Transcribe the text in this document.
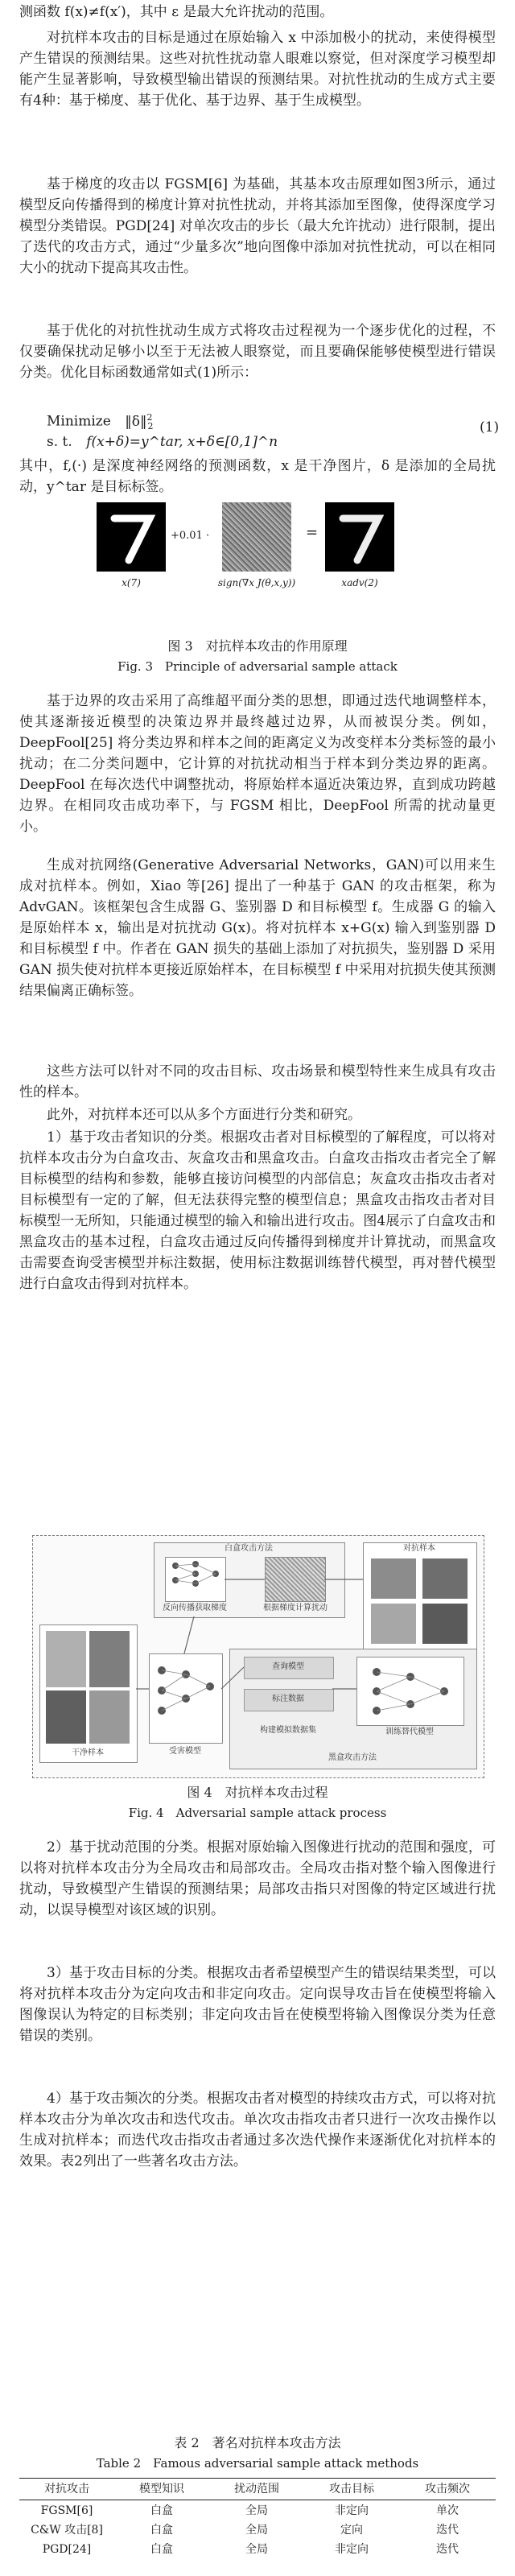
测函数 f(x)≠f(x′)，其中 ε 是最大允许扰动的范围。

对抗样本攻击的目标是通过在原始输入 x 中添加极小的扰动，来使得模型产生错误的预测结果。这些对抗性扰动靠人眼难以察觉，但对深度学习模型却能产生显著影响，导致模型输出错误的预测结果。对抗性扰动的生成方式主要有4种：基于梯度、基于优化、基于边界、基于生成模型。

基于梯度的攻击以 FGSM[6] 为基础，其基本攻击原理如图3所示，通过模型反向传播得到的梯度计算对抗性扰动，并将其添加至图像，使得深度学习模型分类错误。PGD[24] 对单次攻击的步长（最大允许扰动）进行限制，提出了迭代的攻击方式，通过“少量多次”地向图像中添加对抗性扰动，可以在相同大小的扰动下提高其攻击性。

基于优化的对抗性扰动生成方式将攻击过程视为一个逐步优化的过程，不仅要确保扰动足够小以至于无法被人眼察觉，而且要确保能够使模型进行错误分类。优化目标函数通常如式(1)所示：

Minimize ‖δ‖$^2_2$	(1)
s. t. f(x+δ)=y^tar, x+δ∈[0,1]^n

其中，f,(·) 是深度神经网络的预测函数，x 是干净图片，δ 是添加的全局扰动，y^tar 是目标标签。

x(7)
+0.01 ·
sign(∇x J(θ,x,y))
=
xadv(2)
图 3　对抗样本攻击的作用原理
Fig. 3　Principle of adversarial sample attack

基于边界的攻击采用了高维超平面分类的思想，即通过迭代地调整样本，使其逐渐接近模型的决策边界并最终越过边界，从而被误分类。例如，DeepFool[25] 将分类边界和样本之间的距离定义为改变样本分类标签的最小扰动；在二分类问题中，它计算的对抗扰动相当于样本到分类边界的距离。DeepFool 在每次迭代中调整扰动，将原始样本逼近决策边界，直到成功跨越边界。在相同攻击成功率下，与 FGSM 相比，DeepFool 所需的扰动量更小。

生成对抗网络(Generative Adversarial Networks，GAN)可以用来生成对抗样本。例如，Xiao 等[26] 提出了一种基于 GAN 的攻击框架，称为 AdvGAN。该框架包含生成器 G、鉴别器 D 和目标模型 f。生成器 G 的输入是原始样本 x，输出是对抗扰动 G(x)。将对抗样本 x+G(x) 输入到鉴别器 D 和目标模型 f 中。作者在 GAN 损失的基础上添加了对抗损失，鉴别器 D 采用 GAN 损失使对抗样本更接近原始样本，在目标模型 f 中采用对抗损失使其预测结果偏离正确标签。

这些方法可以针对不同的攻击目标、攻击场景和模型特性来生成具有攻击性的样本。

此外，对抗样本还可以从多个方面进行分类和研究。

1）基于攻击者知识的分类。根据攻击者对目标模型的了解程度，可以将对抗样本攻击分为白盒攻击、灰盒攻击和黑盒攻击。白盒攻击指攻击者完全了解目标模型的结构和参数，能够直接访问模型的内部信息；灰盒攻击指攻击者对目标模型有一定的了解，但无法获得完整的模型信息；黑盒攻击指攻击者对目标模型一无所知，只能通过模型的输入和输出进行攻击。图4展示了白盒攻击和黑盒攻击的基本过程，白盒攻击通过反向传播得到梯度并计算扰动，而黑盒攻击需要查询受害模型并标注数据，使用标注数据训练替代模型，再对替代模型进行白盒攻击得到对抗样本。

白盒攻击方法
反向传播获取梯度	根据梯度计算扰动
对抗样本
干净样本	受害模型
查询模型
标注数据
构建模拟数据集	训练替代模型
黑盒攻击方法
图 4　对抗样本攻击过程
Fig. 4　Adversarial sample attack process

2）基于扰动范围的分类。根据对原始输入图像进行扰动的范围和强度，可以将对抗样本攻击分为全局攻击和局部攻击。全局攻击指对整个输入图像进行扰动，导致模型产生错误的预测结果；局部攻击指只对图像的特定区域进行扰动，以误导模型对该区域的识别。

3）基于攻击目标的分类。根据攻击者希望模型产生的错误结果类型，可以将对抗样本攻击分为定向攻击和非定向攻击。定向误导攻击旨在使模型将输入图像误认为特定的目标类别；非定向攻击旨在使模型将输入图像误分类为任意错误的类别。

4）基于攻击频次的分类。根据攻击者对模型的持续攻击方式，可以将对抗样本攻击分为单次攻击和迭代攻击。单次攻击指攻击者只进行一次攻击操作以生成对抗样本；而迭代攻击指攻击者通过多次迭代操作来逐渐优化对抗样本的效果。表2列出了一些著名攻击方法。

表 2　著名对抗样本攻击方法
Table 2　Famous adversarial sample attack methods
对抗攻击	模型知识	扰动范围	攻击目标	攻击频次
FGSM[6]	白盒	全局	非定向	单次
C&W 攻击[8]	白盒	全局	定向	迭代
PGD[24]	白盒	全局	非定向	迭代
